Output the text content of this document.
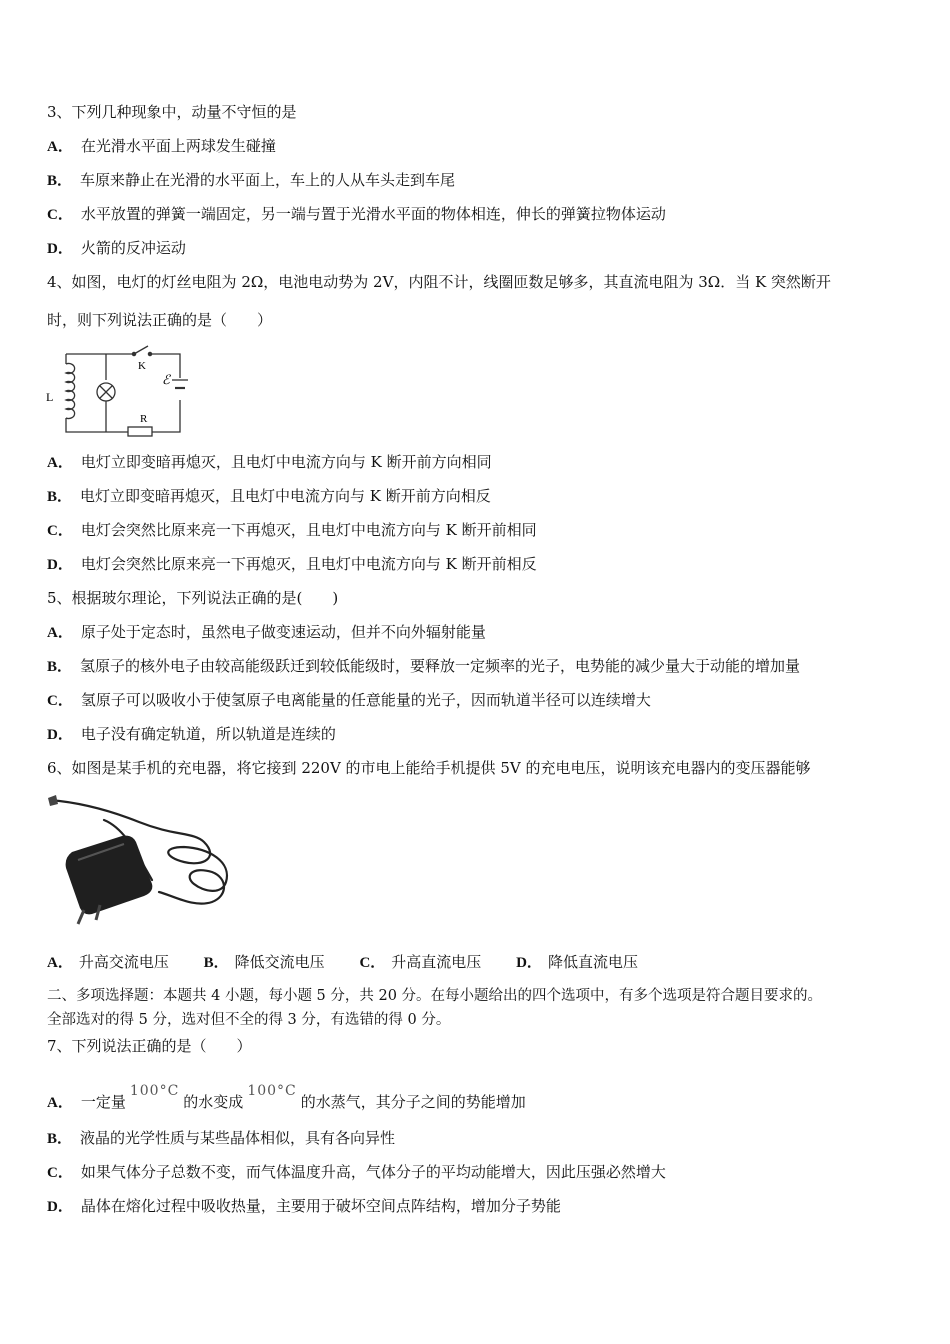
3、下列几种现象中，动量不守恒的是
A． 在光滑水平面上两球发生碰撞
B． 车原来静止在光滑的水平面上，车上的人从车头走到车尾
C． 水平放置的弹簧一端固定，另一端与置于光滑水平面的物体相连，伸长的弹簧拉物体运动
D． 火箭的反冲运动
4、如图，电灯的灯丝电阻为 2Ω，电池电动势为 2V，内阻不计，线圈匝数足够多，其直流电阻为 3Ω．当 K 突然断开
时，则下列说法正确的是（　　）
L
K
R
ℰ
A． 电灯立即变暗再熄灭，且电灯中电流方向与 K 断开前方向相同
B． 电灯立即变暗再熄灭，且电灯中电流方向与 K 断开前方向相反
C． 电灯会突然比原来亮一下再熄灭，且电灯中电流方向与 K 断开前相同
D． 电灯会突然比原来亮一下再熄灭，且电灯中电流方向与 K 断开前相反
5、根据玻尔理论，下列说法正确的是(　　)
A． 原子处于定态时，虽然电子做变速运动，但并不向外辐射能量
B． 氢原子的核外电子由较高能级跃迁到较低能级时，要释放一定频率的光子，电势能的减少量大于动能的增加量
C． 氢原子可以吸收小于使氢原子电离能量的任意能量的光子，因而轨道半径可以连续增大
D． 电子没有确定轨道，所以轨道是连续的
6、如图是某手机的充电器，将它接到 220V 的市电上能给手机提供 5V 的充电电压，说明该充电器内的变压器能够
A． 升高交流电压 B． 降低交流电压 C． 升高直流电压 D． 降低直流电压
二、多项选择题：本题共 4 小题，每小题 5 分，共 20 分。在每小题给出的四个选项中，有多个选项是符合题目要求的。
全部选对的得 5 分，选对但不全的得 3 分，有选错的得 0 分。
7、下列说法正确的是（　　）
A． 一定量100°C的水变成100°C的水蒸气，其分子之间的势能增加
B． 液晶的光学性质与某些晶体相似，具有各向异性
C． 如果气体分子总数不变，而气体温度升高，气体分子的平均动能增大，因此压强必然增大
D． 晶体在熔化过程中吸收热量，主要用于破坏空间点阵结构，增加分子势能
